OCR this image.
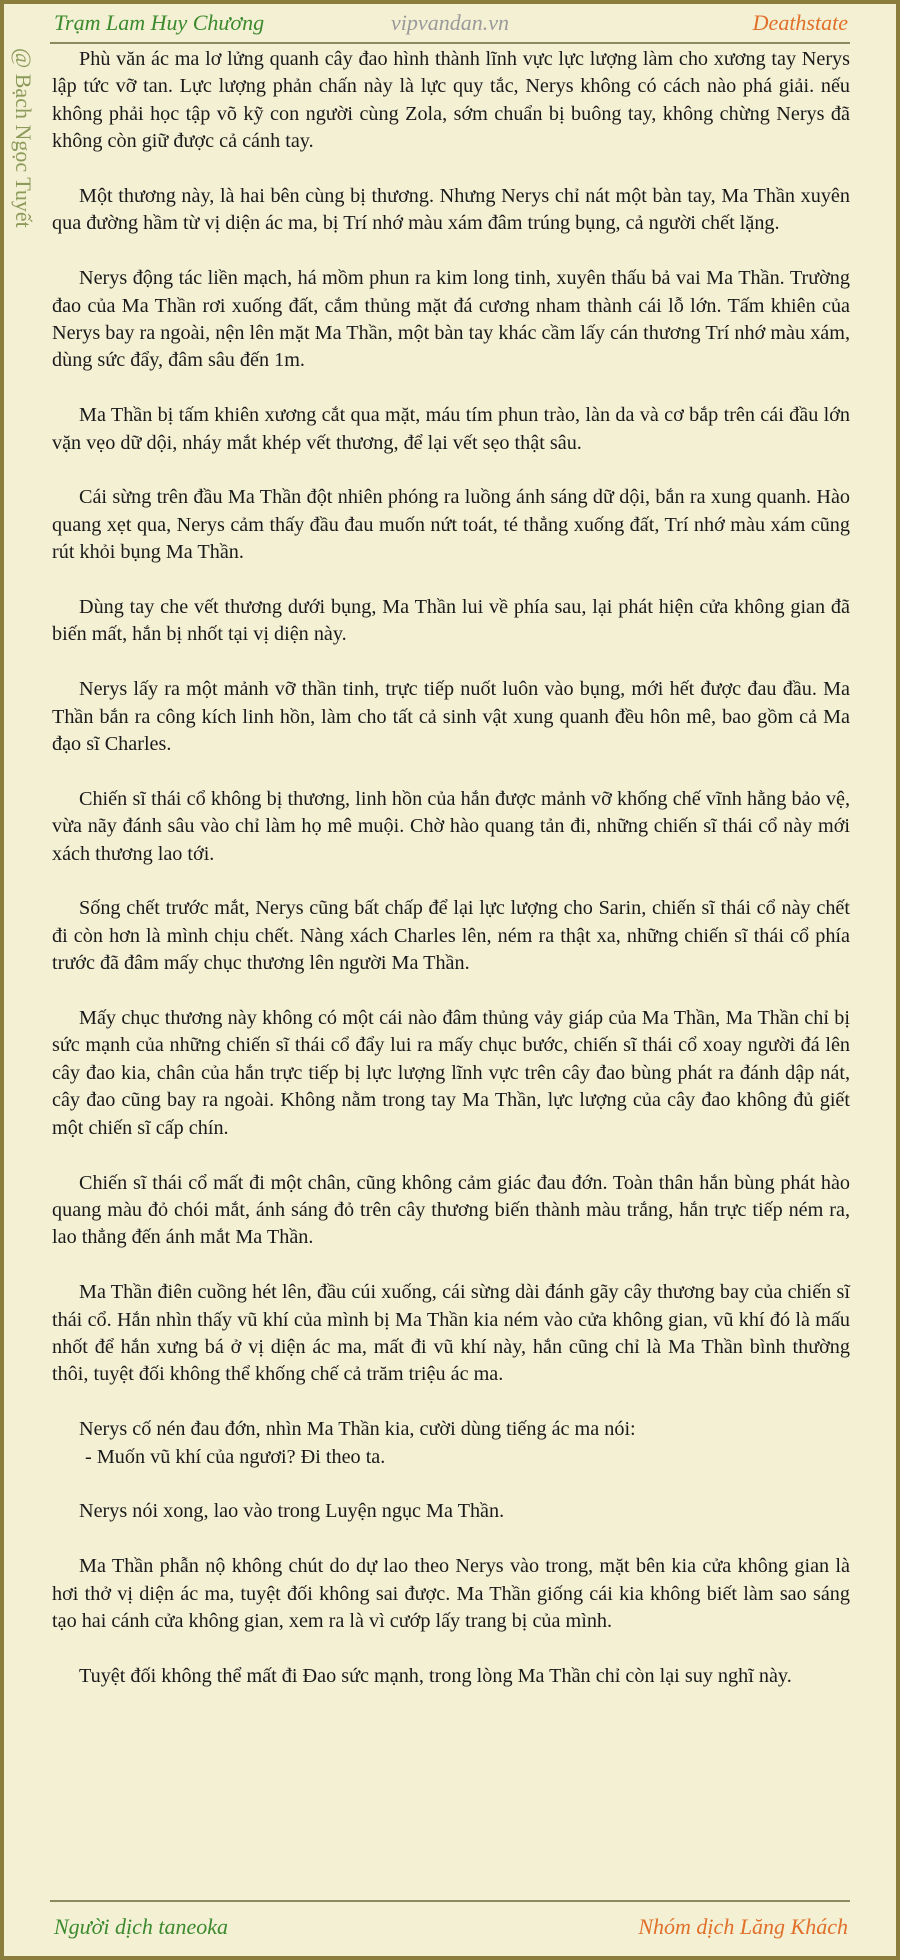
Trạm Lam Huy Chương	vipvandan.vn	Deathstate
@ Bạch Ngọc Tuyết	Phù văn ác ma lơ lửng quanh cây đao hình thành lĩnh vực lực lượng làm cho xương tay Nerys lập tức vỡ tan. Lực lượng phản chấn này là lực quy tắc, Nerys không có cách nào phá giải. nếu không phải học tập võ kỹ con người cùng Zola, sớm chuẩn bị buông tay, không chừng Nerys đã không còn giữ được cả cánh tay.

Một thương này, là hai bên cùng bị thương. Nhưng Nerys chỉ nát một bàn tay, Ma Thần xuyên qua đường hầm từ vị diện ác ma, bị Trí nhớ màu xám đâm trúng bụng, cả người chết lặng.

Nerys động tác liền mạch, há mồm phun ra kim long tinh, xuyên thấu bả vai Ma Thần. Trường đao của Ma Thần rơi xuống đất, cắm thủng mặt đá cương nham thành cái lỗ lớn. Tấm khiên của Nerys bay ra ngoài, nện lên mặt Ma Thần, một bàn tay khác cầm lấy cán thương Trí nhớ màu xám, dùng sức đẩy, đâm sâu đến 1m.

Ma Thần bị tấm khiên xương cắt qua mặt, máu tím phun trào, làn da và cơ bắp trên cái đầu lớn vặn vẹo dữ dội, nháy mắt khép vết thương, để lại vết sẹo thật sâu.

Cái sừng trên đầu Ma Thần đột nhiên phóng ra luồng ánh sáng dữ dội, bắn ra xung quanh. Hào quang xẹt qua, Nerys cảm thấy đầu đau muốn nứt toát, té thẳng xuống đất, Trí nhớ màu xám cũng rút khỏi bụng Ma Thần.

Dùng tay che vết thương dưới bụng, Ma Thần lui về phía sau, lại phát hiện cửa không gian đã biến mất, hắn bị nhốt tại vị diện này.

Nerys lấy ra một mảnh vỡ thần tinh, trực tiếp nuốt luôn vào bụng, mới hết được đau đầu. Ma Thần bắn ra công kích linh hồn, làm cho tất cả sinh vật xung quanh đều hôn mê, bao gồm cả Ma đạo sĩ Charles.

Chiến sĩ thái cổ không bị thương, linh hồn của hắn được mảnh vỡ khống chế vĩnh hằng bảo vệ, vừa nãy đánh sâu vào chỉ làm họ mê muội. Chờ hào quang tản đi, những chiến sĩ thái cổ này mới xách thương lao tới.

Sống chết trước mắt, Nerys cũng bất chấp để lại lực lượng cho Sarin, chiến sĩ thái cổ này chết đi còn hơn là mình chịu chết. Nàng xách Charles lên, ném ra thật xa, những chiến sĩ thái cổ phía trước đã đâm mấy chục thương lên người Ma Thần.

Mấy chục thương này không có một cái nào đâm thủng vảy giáp của Ma Thần, Ma Thần chỉ bị sức mạnh của những chiến sĩ thái cổ đẩy lui ra mấy chục bước, chiến sĩ thái cổ xoay người đá lên cây đao kia, chân của hắn trực tiếp bị lực lượng lĩnh vực trên cây đao bùng phát ra đánh dập nát, cây đao cũng bay ra ngoài. Không nằm trong tay Ma Thần, lực lượng của cây đao không đủ giết một chiến sĩ cấp chín.

Chiến sĩ thái cổ mất đi một chân, cũng không cảm giác đau đớn. Toàn thân hắn bùng phát hào quang màu đỏ chói mắt, ánh sáng đỏ trên cây thương biến thành màu trắng, hắn trực tiếp ném ra, lao thẳng đến ánh mắt Ma Thần.

Ma Thần điên cuồng hét lên, đầu cúi xuống, cái sừng dài đánh gãy cây thương bay của chiến sĩ thái cổ. Hắn nhìn thấy vũ khí của mình bị Ma Thần kia ném vào cửa không gian, vũ khí đó là mấu nhốt để hắn xưng bá ở vị diện ác ma, mất đi vũ khí này, hắn cũng chỉ là Ma Thần bình thường thôi, tuyệt đối không thể khống chế cả trăm triệu ác ma.

Nerys cố nén đau đớn, nhìn Ma Thần kia, cười dùng tiếng ác ma nói:

- Muốn vũ khí của ngươi? Đi theo ta.

Nerys nói xong, lao vào trong Luyện ngục Ma Thần.

Ma Thần phẫn nộ không chút do dự lao theo Nerys vào trong, mặt bên kia cửa không gian là hơi thở vị diện ác ma, tuyệt đối không sai được. Ma Thần giống cái kia không biết làm sao sáng tạo hai cánh cửa không gian, xem ra là vì cướp lấy trang bị của mình.

Tuyệt đối không thể mất đi Đao sức mạnh, trong lòng Ma Thần chỉ còn lại suy nghĩ này.

Người dịch taneoka	Nhóm dịch Lăng Khách
